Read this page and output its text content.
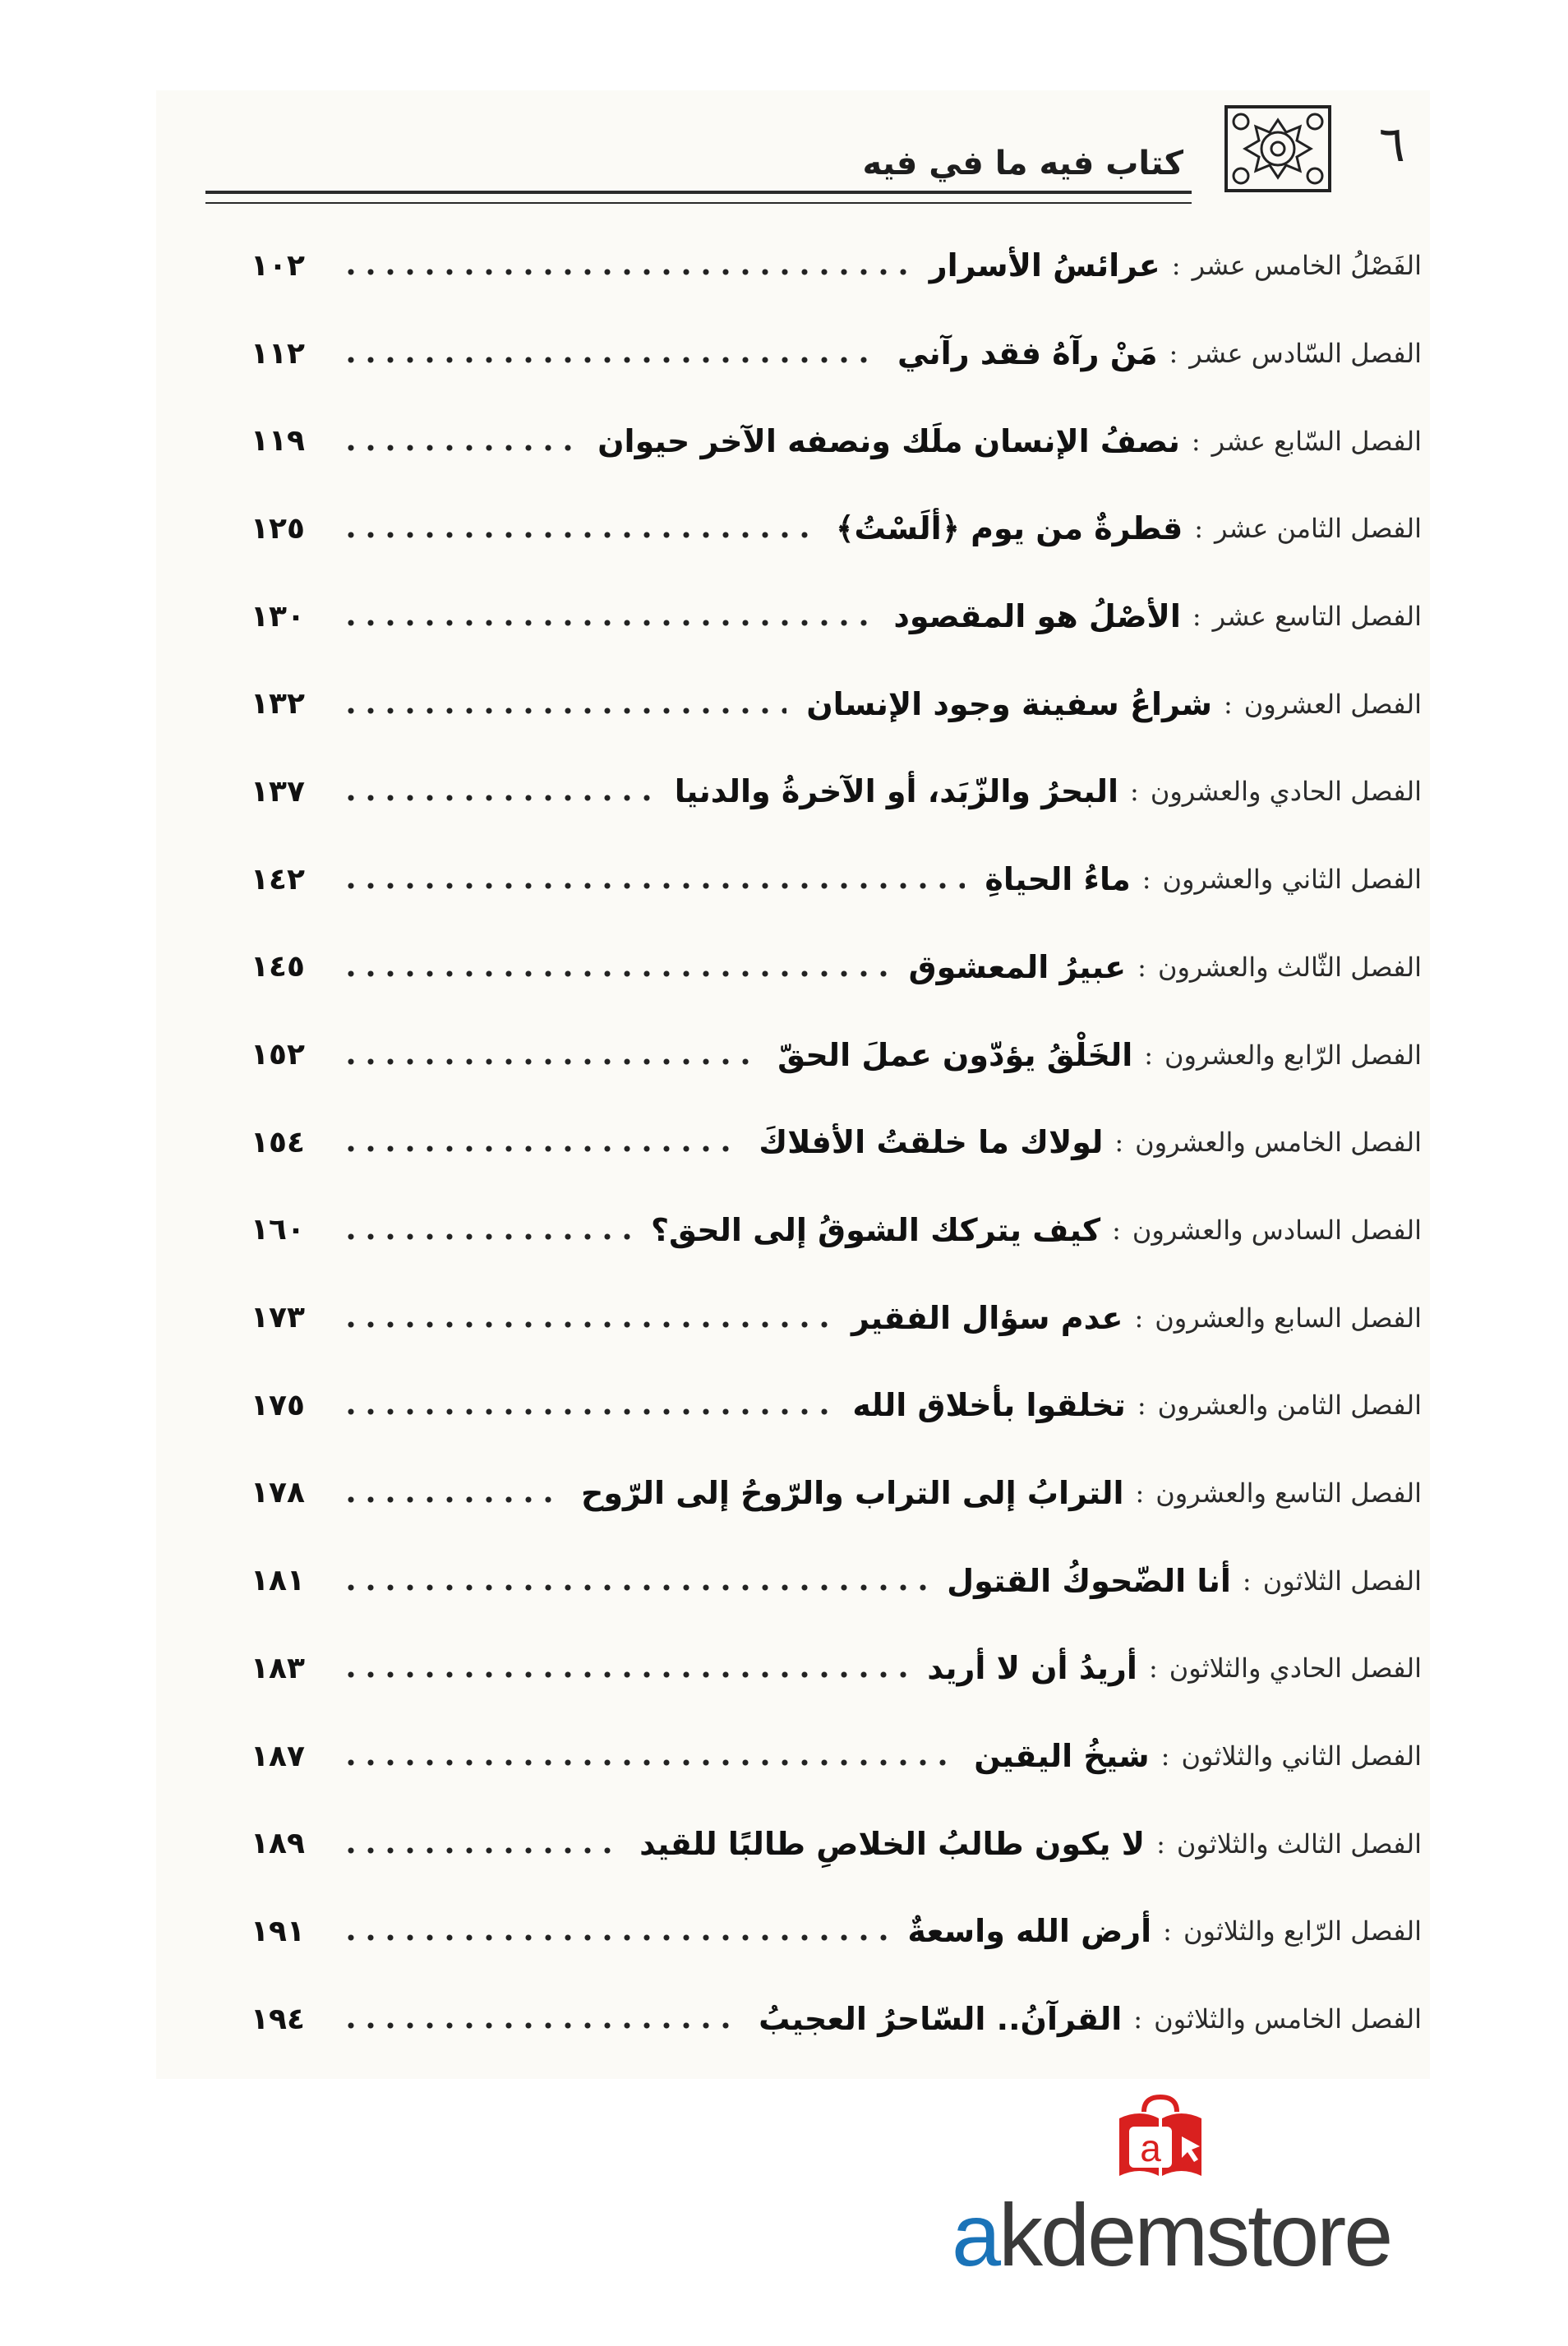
٦
كتاب فيه ما في فيه
الفَصْلُ الخامس عشر
:
عرائسُ الأسرار
١٠٢
الفصل السّادس عشر
:
مَنْ رآهُ فقد رآني
١١٢
الفصل السّابع عشر
:
نصفُ الإنسان ملَك ونصفه الآخر حيوان
١١٩
الفصل الثامن عشر
:
قطرةٌ من يوم ﴿ألَسْتُ﴾
١٢٥
الفصل التاسع عشر
:
الأصْلُ هو المقصود
١٣٠
الفصل العشرون
:
شراعُ سفينة وجود الإنسان
١٣٢
الفصل الحادي والعشرون
:
البحرُ والزّبَد، أو الآخرةُ والدنيا
١٣٧
الفصل الثاني والعشرون
:
ماءُ الحياةِ
١٤٢
الفصل الثّالث والعشرون
:
عبيرُ المعشوق
١٤٥
الفصل الرّابع والعشرون
:
الخَلْقُ يؤدّون عملَ الحقّ
١٥٢
الفصل الخامس والعشرون
:
لولاك ما خلقتُ الأفلاكَ
١٥٤
الفصل السادس والعشرون
:
كيف يتركك الشوقُ إلى الحق؟
١٦٠
الفصل السابع والعشرون
:
عدم سؤال الفقير
١٧٣
الفصل الثامن والعشرون
:
تخلقوا بأخلاق الله
١٧٥
الفصل التاسع والعشرون
:
الترابُ إلى التراب والرّوحُ إلى الرّوح
١٧٨
الفصل الثلاثون
:
أنا الضّحوكُ القتول
١٨١
الفصل الحادي والثلاثون
:
أريدُ أن لا أريد
١٨٣
الفصل الثاني والثلاثون
:
شيخُ اليقين
١٨٧
الفصل الثالث والثلاثون
:
لا يكون طالبُ الخلاصِ طالبًا للقيد
١٨٩
الفصل الرّابع والثلاثون
:
أرض الله واسعةٌ
١٩١
الفصل الخامس والثلاثون
:
القرآنُ.. السّاحرُ العجيبُ
١٩٤
a
akdemstore
